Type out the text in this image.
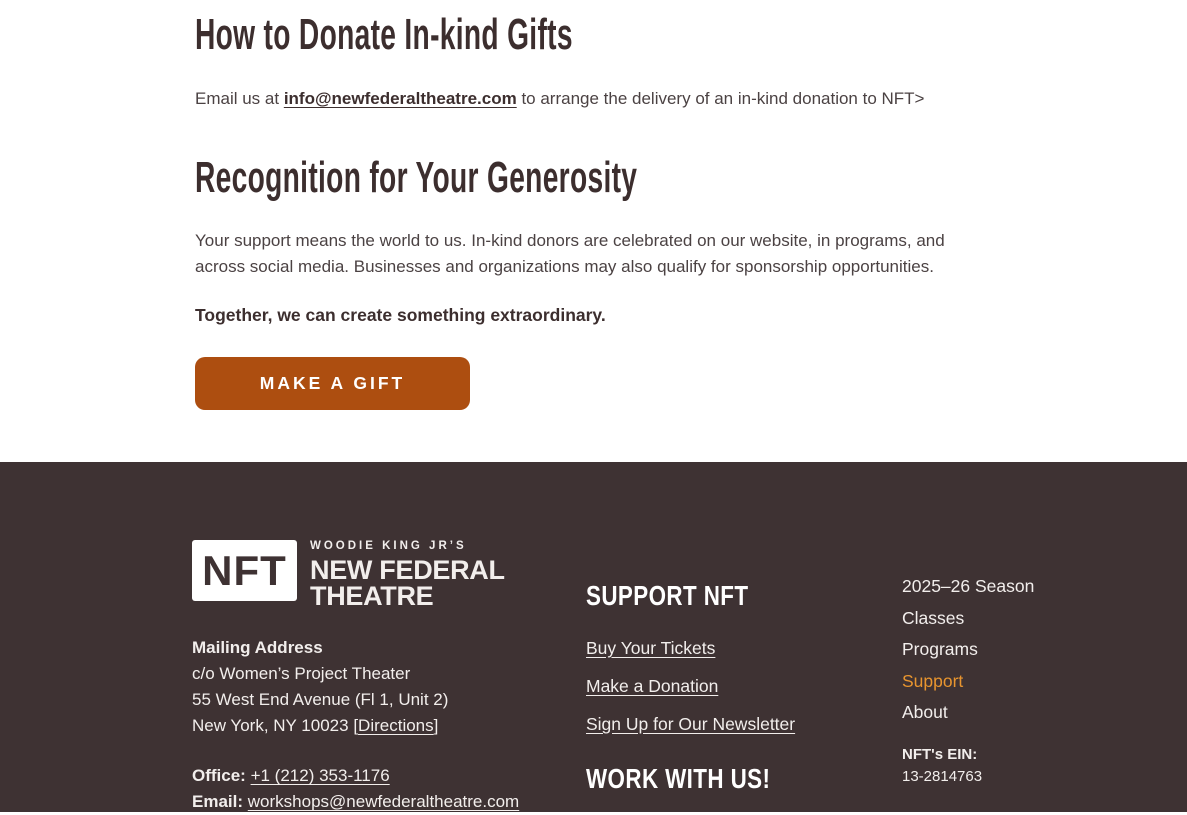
How to Donate In-kind Gifts

Email us at info@newfederaltheatre.com to arrange the delivery of an in-kind donation to NFT>

Recognition for Your Generosity

Your support means the world to us. In-kind donors are celebrated on our website, in programs, and across social media. Businesses and organizations may also qualify for sponsorship opportunities.

Together, we can create something extraordinary.

MAKE A GIFT
NFT
WOODIE KING JR’S
NEW FEDERAL
THEATRE
Mailing Address
c/o Women’s Project Theater
55 West End Avenue (Fl 1, Unit 2)
New York, NY 10023 [Directions]
Office: +1 (212) 353-1176
Email: workshops@newfederaltheatre.com
SUPPORT NFT
Buy Your Tickets
Make a Donation
Sign Up for Our Newsletter
WORK WITH US!
2025–26 Season
Classes
Programs
Support
About
NFT's EIN:
13-2814763
